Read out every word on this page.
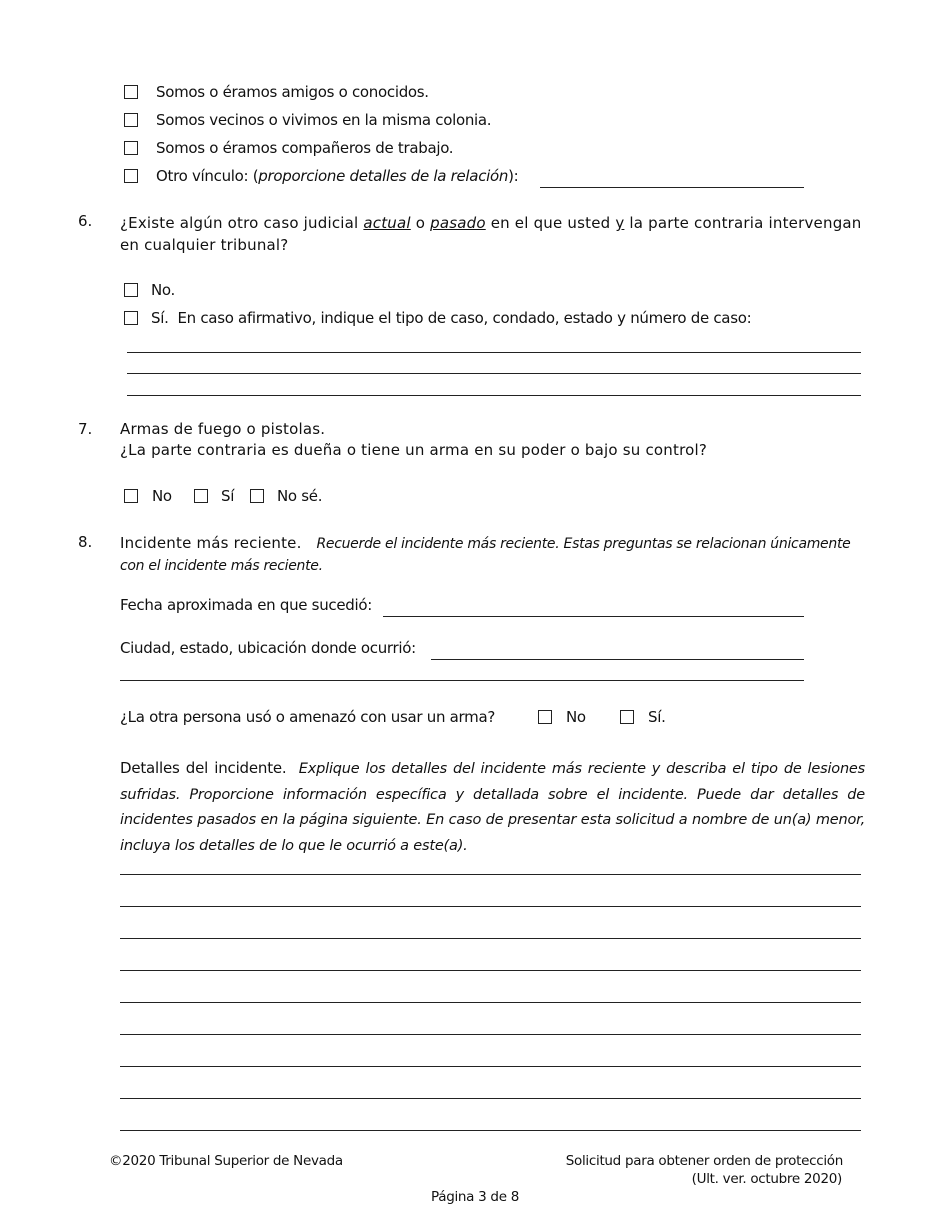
Somos o éramos amigos o conocidos.
Somos vecinos o vivimos en la misma colonia.
Somos o éramos compañeros de trabajo.
Otro vínculo: (proporcione detalles de la relación):
6. ¿Existe algún otro caso judicial actual o pasado en el que usted y la parte contraria intervengan en cualquier tribunal?
No.
Sí. En caso afirmativo, indique el tipo de caso, condado, estado y número de caso:
7. Armas de fuego o pistolas.
¿La parte contraria es dueña o tiene un arma en su poder o bajo su control?
No	Sí	No sé.
8. Incidente más reciente. Recuerde el incidente más reciente. Estas preguntas se relacionan únicamente con el incidente más reciente.
Fecha aproximada en que sucedió:
Ciudad, estado, ubicación donde ocurrió:
¿La otra persona usó o amenazó con usar un arma?	No	Sí.
Detalles del incidente. Explique los detalles del incidente más reciente y describa el tipo de lesiones sufridas. Proporcione información específica y detallada sobre el incidente. Puede dar detalles de incidentes pasados en la página siguiente. En caso de presentar esta solicitud a nombre de un(a) menor, incluya los detalles de lo que le ocurrió a este(a).
©2020 Tribunal Superior de Nevada	Solicitud para obtener orden de protección
(Ult. ver. octubre 2020)
Página 3 de 8
